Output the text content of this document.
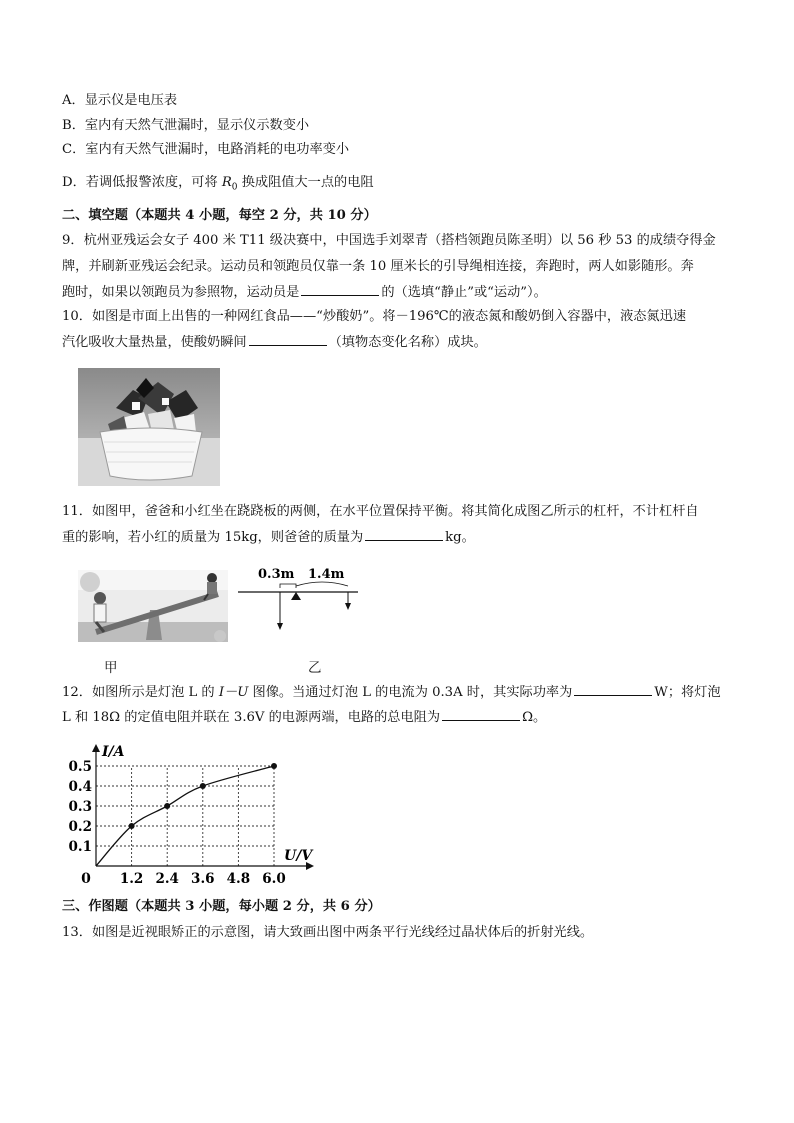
A．显示仪是电压表
B．室内有天然气泄漏时，显示仪示数变小
C．室内有天然气泄漏时，电路消耗的电功率变小
D．若调低报警浓度，可将 $R_0$ 换成阻值大一点的电阻
二、填空题（本题共 4 小题，每空 2 分，共 10 分）
9．杭州亚残运会女子 400 米 T11 级决赛中，中国选手刘翠青（搭档领跑员陈圣明）以 56 秒 53 的成绩夺得金
牌，并刷新亚残运会纪录。运动员和领跑员仅靠一条 10 厘米长的引导绳相连接，奔跑时，两人如影随形。奔
跑时，如果以领跑员为参照物，运动员是	的（选填“静止”或“运动”）。
10．如图是市面上出售的一种网红食品——“炒酸奶”。将－196℃的液态氮和酸奶倒入容器中，液态氮迅速
汽化吸收大量热量，使酸奶瞬间	（填物态变化名称）成块。
11．如图甲，爸爸和小红坐在跷跷板的两侧，在水平位置保持平衡。将其简化成图乙所示的杠杆，不计杠杆自
重的影响，若小红的质量为 15kg，则爸爸的质量为	kg。
0.3m 1.4m
甲	乙
12．如图所示是灯泡 L 的 I－U 图像。当通过灯泡 L 的电流为 0.3A 时，其实际功率为	W；将灯泡
L 和 18Ω 的定值电阻并联在 3.6V 的电源两端，电路的总电阻为	Ω。
1.2 2.4 3.6 4.8 6.0
0.1
0.2
0.3
0.4
0.5
I/A
U/V
0
三、作图题（本题共 3 小题，每小题 2 分，共 6 分）
13．如图是近视眼矫正的示意图，请大致画出图中两条平行光线经过晶状体后的折射光线。
